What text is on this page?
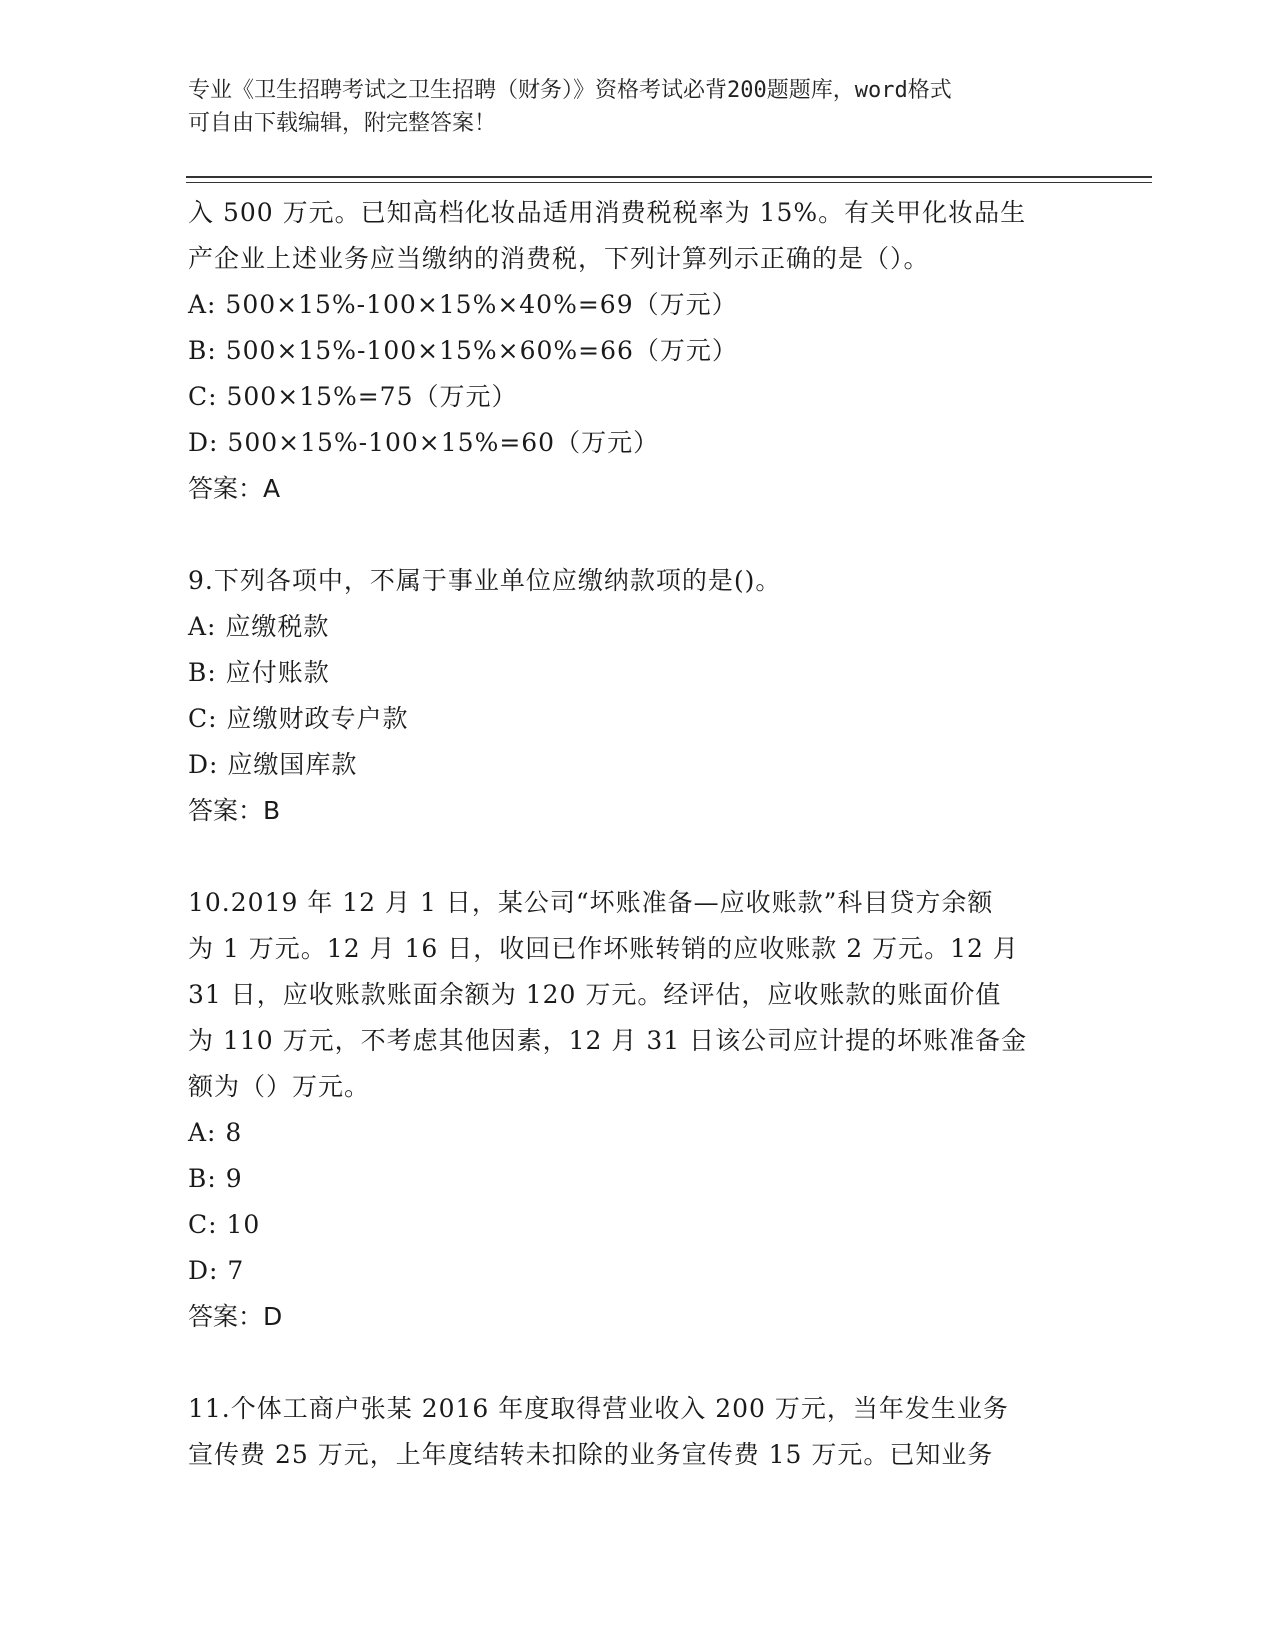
专业《卫生招聘考试之卫生招聘（财务）》资格考试必背200题题库，word格式
可自由下载编辑，附完整答案！
入 500 万元。已知高档化妆品适用消费税税率为 15%。有关甲化妆品生
产企业上述业务应当缴纳的消费税，下列计算列示正确的是（）。
A: 500×15%-100×15%×40%=69（万元）
B: 500×15%-100×15%×60%=66（万元）
C: 500×15%=75（万元）
D: 500×15%-100×15%=60（万元）
答案：A
9.下列各项中，不属于事业单位应缴纳款项的是()。
A: 应缴税款
B: 应付账款
C: 应缴财政专户款
D: 应缴国库款
答案：B
10.2019 年 12 月 1 日，某公司“坏账准备—应收账款”科目贷方余额
为 1 万元。12 月 16 日，收回已作坏账转销的应收账款 2 万元。12 月
31 日，应收账款账面余额为 120 万元。经评估，应收账款的账面价值
为 110 万元，不考虑其他因素，12 月 31 日该公司应计提的坏账准备金
额为（）万元。
A: 8
B: 9
C: 10
D: 7
答案：D
11.个体工商户张某 2016 年度取得营业收入 200 万元，当年发生业务
宣传费 25 万元，上年度结转未扣除的业务宣传费 15 万元。已知业务
